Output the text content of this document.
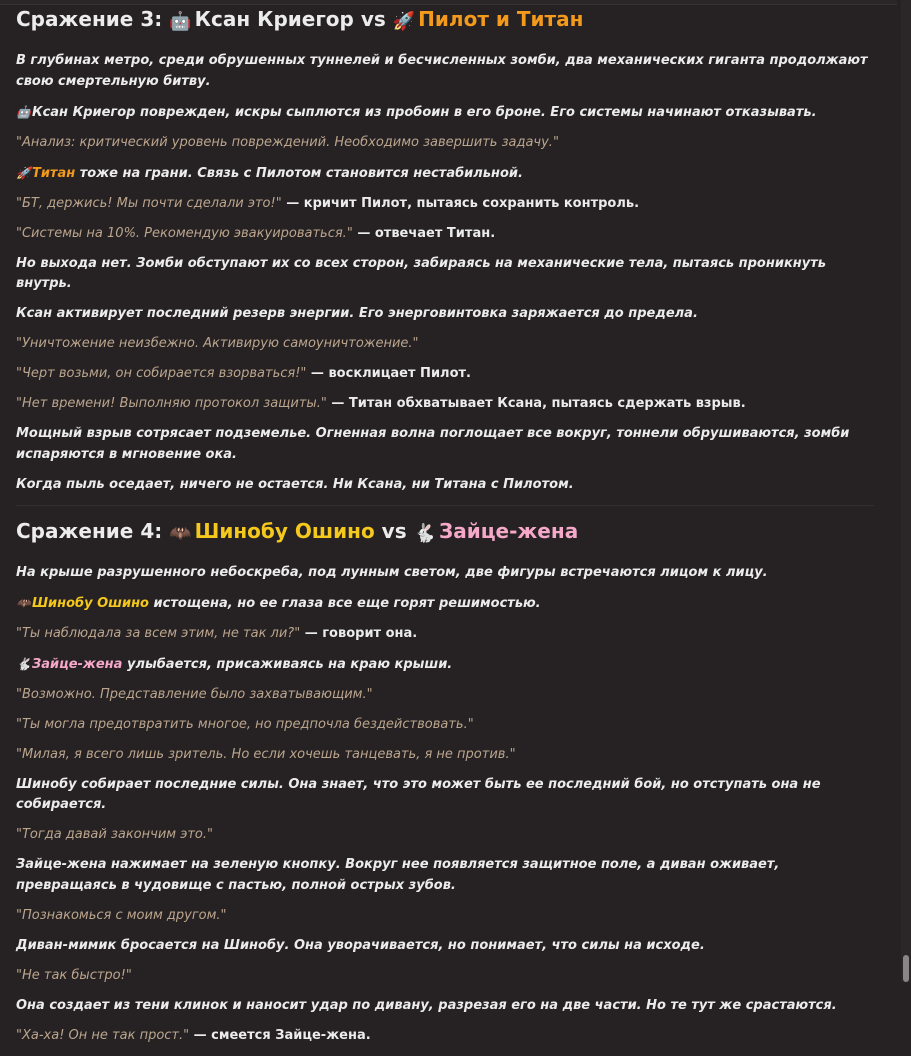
Сражение 3: 🤖 Ксан Криегор vs 🚀 Пилот и Титан

В глубинах метро, среди обрушенных туннелей и бесчисленных зомби, два механических гиганта продолжают свою смертельную битву.

🤖Ксан Криегор поврежден, искры сыплются из пробоин в его броне. Его системы начинают отказывать.

"Анализ: критический уровень повреждений. Необходимо завершить задачу."

🚀Титан тоже на грани. Связь с Пилотом становится нестабильной.

"БТ, держись! Мы почти сделали это!" — кричит Пилот, пытаясь сохранить контроль.

"Системы на 10%. Рекомендую эвакуироваться." — отвечает Титан.

Но выхода нет. Зомби обступают их со всех сторон, забираясь на механические тела, пытаясь проникнуть внутрь.

Ксан активирует последний резерв энергии. Его энерговинтовка заряжается до предела.

"Уничтожение неизбежно. Активирую самоуничтожение."

"Черт возьми, он собирается взорваться!" — восклицает Пилот.

"Нет времени! Выполняю протокол защиты." — Титан обхватывает Ксана, пытаясь сдержать взрыв.

Мощный взрыв сотрясает подземелье. Огненная волна поглощает все вокруг, тоннели обрушиваются, зомби испаряются в мгновение ока.

Когда пыль оседает, ничего не остается. Ни Ксана, ни Титана с Пилотом.

Сражение 4: 🦇 Шинобу Ошино vs 🐇 Зайце-жена

На крыше разрушенного небоскреба, под лунным светом, две фигуры встречаются лицом к лицу.

🦇Шинобу Ошино истощена, но ее глаза все еще горят решимостью.

"Ты наблюдала за всем этим, не так ли?" — говорит она.

🐇Зайце-жена улыбается, присаживаясь на краю крыши.

"Возможно. Представление было захватывающим."

"Ты могла предотвратить многое, но предпочла бездействовать."

"Милая, я всего лишь зритель. Но если хочешь танцевать, я не против."

Шинобу собирает последние силы. Она знает, что это может быть ее последний бой, но отступать она не собирается.

"Тогда давай закончим это."

Зайце-жена нажимает на зеленую кнопку. Вокруг нее появляется защитное поле, а диван оживает, превращаясь в чудовище с пастью, полной острых зубов.

"Познакомься с моим другом."

Диван-мимик бросается на Шинобу. Она уворачивается, но понимает, что силы на исходе.

"Не так быстро!"

Она создает из тени клинок и наносит удар по дивану, разрезая его на две части. Но те тут же срастаются.

"Ха-ха! Он не так прост." — смеется Зайце-жена.
